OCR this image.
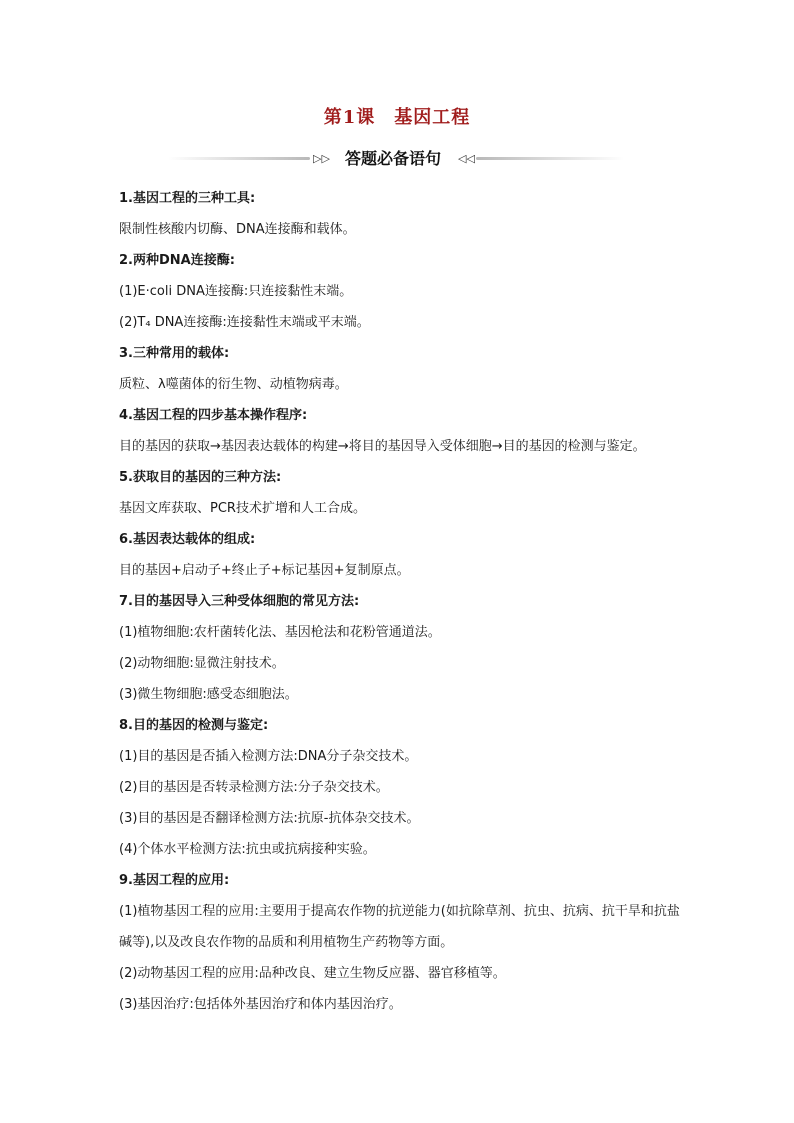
第1课　基因工程
▷▷ 答题必备语句	◁◁
1.基因工程的三种工具:
限制性核酸内切酶、DNA连接酶和载体。
2.两种DNA连接酶:
(1)E·coli DNA连接酶:只连接黏性末端。
(2)T₄ DNA连接酶:连接黏性末端或平末端。
3.三种常用的载体:
质粒、λ噬菌体的衍生物、动植物病毒。
4.基因工程的四步基本操作程序:
目的基因的获取→基因表达载体的构建→将目的基因导入受体细胞→目的基因的检测与鉴定。
5.获取目的基因的三种方法:
基因文库获取、PCR技术扩增和人工合成。
6.基因表达载体的组成:
目的基因+启动子+终止子+标记基因+复制原点。
7.目的基因导入三种受体细胞的常见方法:
(1)植物细胞:农杆菌转化法、基因枪法和花粉管通道法。
(2)动物细胞:显微注射技术。
(3)微生物细胞:感受态细胞法。
8.目的基因的检测与鉴定:
(1)目的基因是否插入检测方法:DNA分子杂交技术。
(2)目的基因是否转录检测方法:分子杂交技术。
(3)目的基因是否翻译检测方法:抗原-抗体杂交技术。
(4)个体水平检测方法:抗虫或抗病接种实验。
9.基因工程的应用:
(1)植物基因工程的应用:主要用于提高农作物的抗逆能力(如抗除草剂、抗虫、抗病、抗干旱和抗盐碱等),以及改良农作物的品质和利用植物生产药物等方面。
(2)动物基因工程的应用:品种改良、建立生物反应器、器官移植等。
(3)基因治疗:包括体外基因治疗和体内基因治疗。
